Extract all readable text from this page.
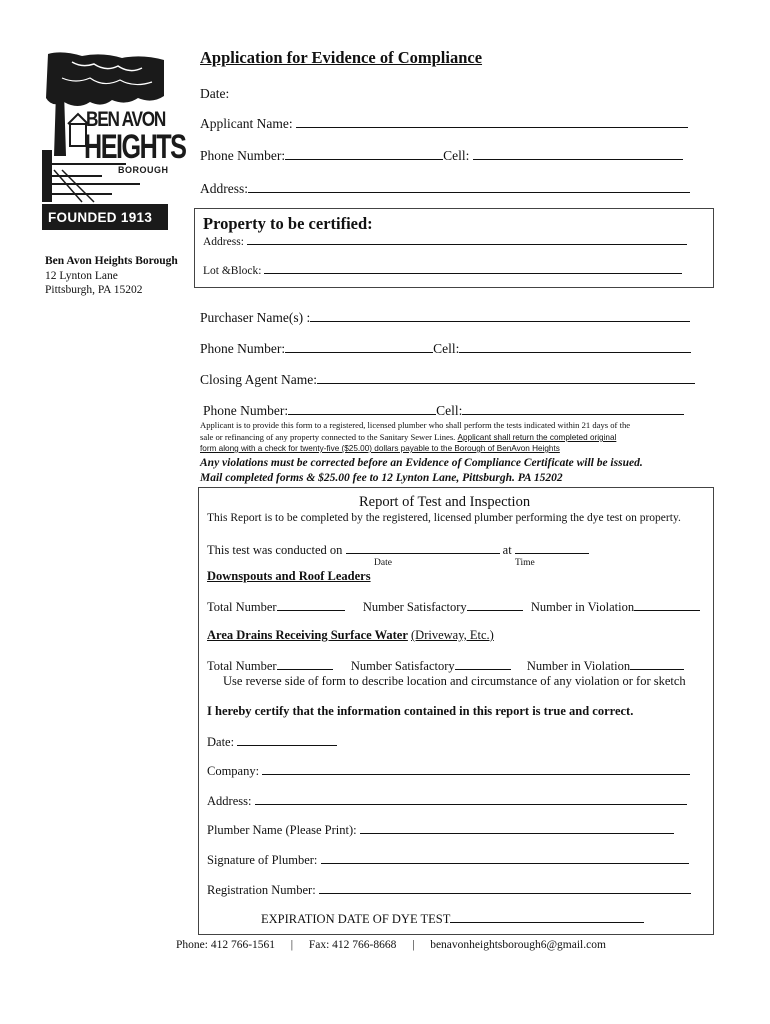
BEN AVON
HEIGHTS
BOROUGH
FOUNDED 1913
Ben Avon Heights Borough
12 Lynton Lane
Pittsburgh, PA 15202
Application for Evidence of Compliance
Date:
Applicant Name:
Phone Number:	Cell:
Address:
Property to be certified:
Address:
Lot &Block:
Purchaser Name(s) :
Phone Number:	Cell:
Closing Agent Name:
Phone Number:	Cell:
Applicant is to provide this form to a registered, licensed plumber who shall perform the tests indicated within 21 days of the
sale or refinancing of any property connected to the Sanitary Sewer Lines. Applicant shall return the completed original
form along with a check for twenty-five ($25.00) dollars payable to the Borough of BenAvon Heights
Any violations must be corrected before an Evidence of Compliance Certificate will be issued.
Mail completed forms & $25.00 fee to 12 Lynton Lane, Pittsburgh. PA 15202
Report of Test and Inspection
This Report is to be completed by the registered, licensed plumber performing the dye test on property.
This test was conducted on	at
Date	Time
Downspouts and Roof Leaders
Total Number	Number Satisfactory	Number in Violation
Area Drains Receiving Surface Water (Driveway, Etc.)
Total Number	Number Satisfactory	Number in Violation
Use reverse side of form to describe location and circumstance of any violation or for sketch
I hereby certify that the information contained in this report is true and correct.
Date:
Company:
Address:
Plumber Name (Please Print):
Signature of Plumber:
Registration Number:
EXPIRATION DATE OF DYE TEST
Phone: 412 766-1561 | Fax: 412 766-8668 | benavonheightsborough6@gmail.com
